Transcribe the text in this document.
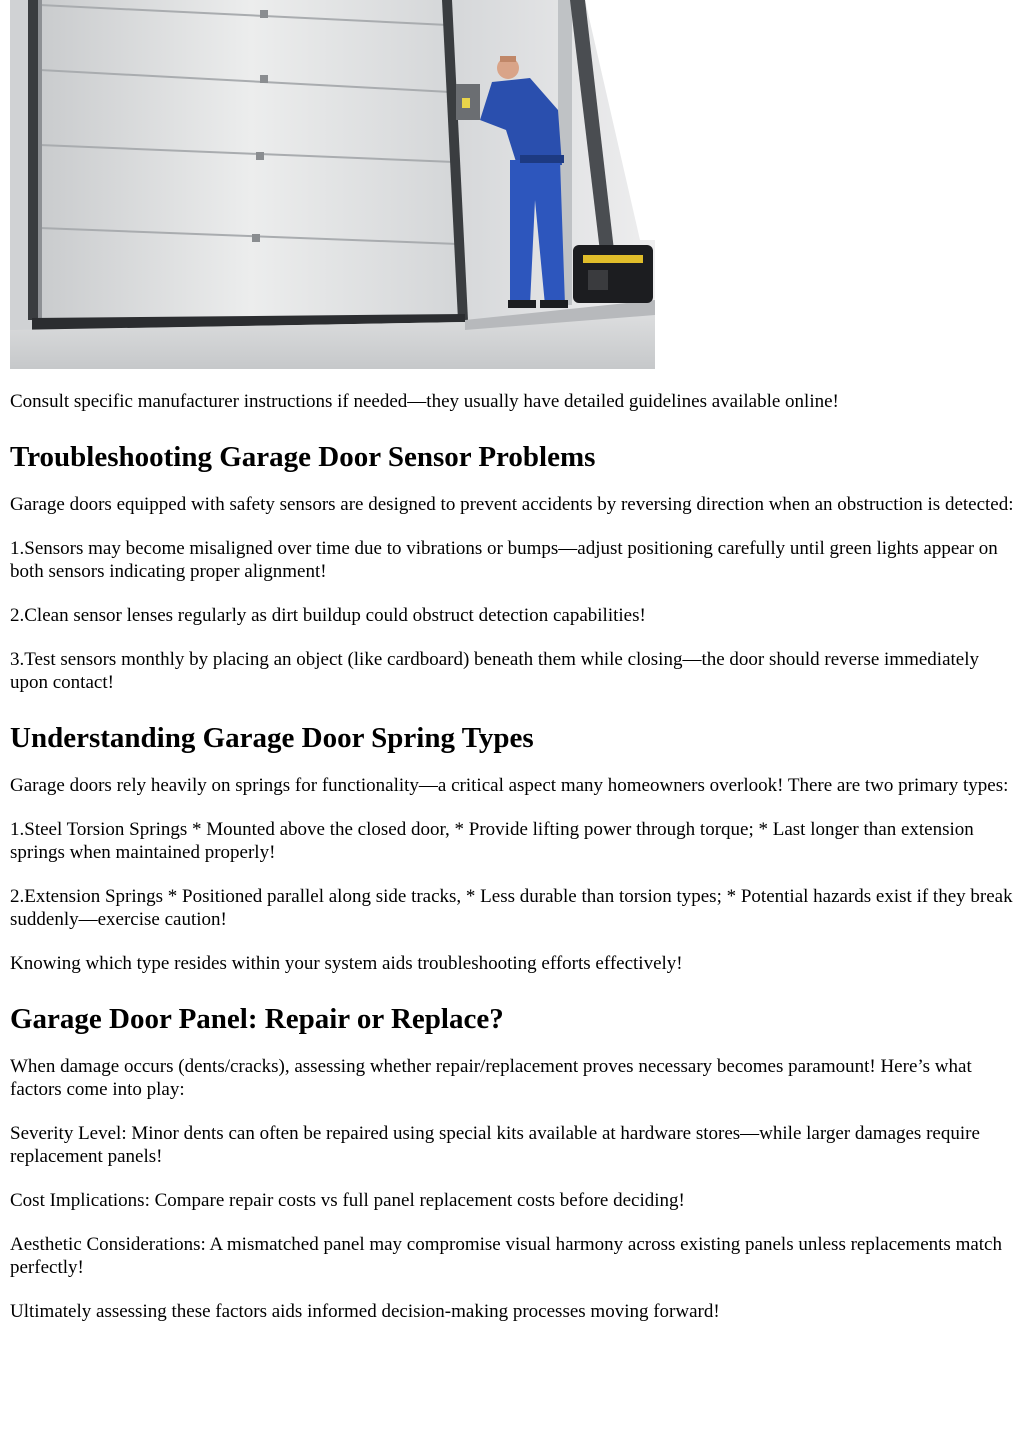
Consult specific manufacturer instructions if needed—they usually have detailed guidelines available online!

Troubleshooting Garage Door Sensor Problems

Garage doors equipped with safety sensors are designed to prevent accidents by reversing direction when an obstruction is detected:

1.Sensors may become misaligned over time due to vibrations or bumps—adjust positioning carefully until green lights appear on both sensors indicating proper alignment!

2.Clean sensor lenses regularly as dirt buildup could obstruct detection capabilities!

3.Test sensors monthly by placing an object (like cardboard) beneath them while closing—the door should reverse immediately upon contact!

Understanding Garage Door Spring Types

Garage doors rely heavily on springs for functionality—a critical aspect many homeowners overlook! There are two primary types:

1.Steel Torsion Springs * Mounted above the closed door, * Provide lifting power through torque; * Last longer than extension springs when maintained properly!

2.Extension Springs * Positioned parallel along side tracks, * Less durable than torsion types; * Potential hazards exist if they break suddenly—exercise caution!

Knowing which type resides within your system aids troubleshooting efforts effectively!

Garage Door Panel: Repair or Replace?

When damage occurs (dents/cracks), assessing whether repair/replacement proves necessary becomes paramount! Here’s what factors come into play:

Severity Level: Minor dents can often be repaired using special kits available at hardware stores—while larger damages require replacement panels!

Cost Implications: Compare repair costs vs full panel replacement costs before deciding!

Aesthetic Considerations: A mismatched panel may compromise visual harmony across existing panels unless replacements match perfectly!

Ultimately assessing these factors aids informed decision-making processes moving forward!
